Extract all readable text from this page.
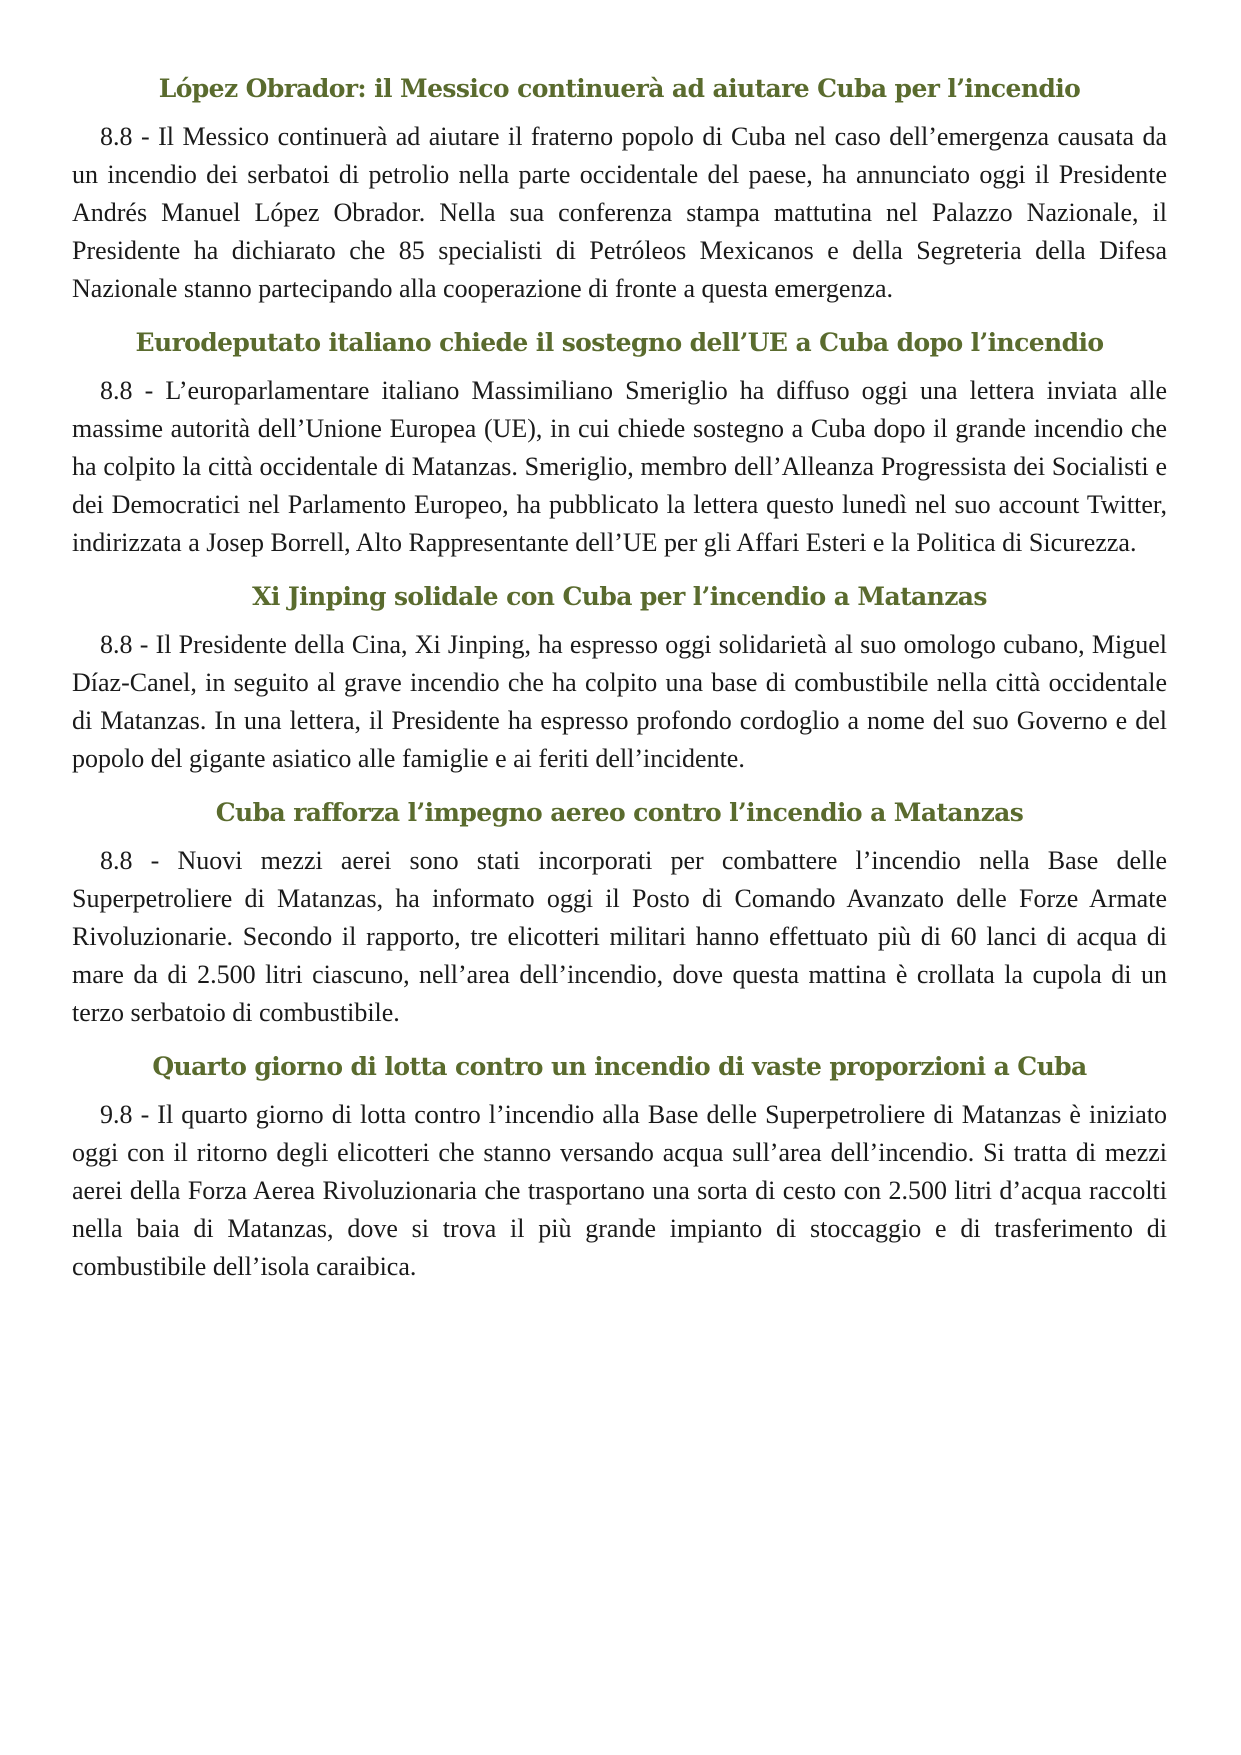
López Obrador: il Messico continuerà ad aiutare Cuba per l’incendio

8.8 - Il Messico continuerà ad aiutare il fraterno popolo di Cuba nel caso dell’emergenza causata da un incendio dei serbatoi di petrolio nella parte occidentale del paese, ha annunciato oggi il Presidente Andrés Manuel López Obrador. Nella sua conferenza stampa mattutina nel Palazzo Nazionale, il Presidente ha dichiarato che 85 specialisti di Petróleos Mexicanos e della Segreteria della Difesa Nazionale stanno partecipando alla cooperazione di fronte a questa emergenza.

Eurodeputato italiano chiede il sostegno dell’UE a Cuba dopo l’incendio

8.8 - L’europarlamentare italiano Massimiliano Smeriglio ha diffuso oggi una lettera inviata alle massime autorità dell’Unione Europea (UE), in cui chiede sostegno a Cuba dopo il grande incendio che ha colpito la città occidentale di Matanzas. Smeriglio, membro dell’Alleanza Progressista dei Socialisti e dei Democratici nel Parlamento Europeo, ha pubblicato la lettera questo lunedì nel suo account Twitter, indirizzata a Josep Borrell, Alto Rappresentante dell’UE per gli Affari Esteri e la Politica di Sicurezza.

Xi Jinping solidale con Cuba per l’incendio a Matanzas

8.8 - Il Presidente della Cina, Xi Jinping, ha espresso oggi solidarietà al suo omologo cubano, Miguel Díaz-Canel, in seguito al grave incendio che ha colpito una base di combustibile nella città occidentale di Matanzas. In una lettera, il Presidente ha espresso profondo cordoglio a nome del suo Governo e del popolo del gigante asiatico alle famiglie e ai feriti dell’incidente.

Cuba rafforza l’impegno aereo contro l’incendio a Matanzas

8.8 - Nuovi mezzi aerei sono stati incorporati per combattere l’incendio nella Base delle Superpetroliere di Matanzas, ha informato oggi il Posto di Comando Avanzato delle Forze Armate Rivoluzionarie. Secondo il rapporto, tre elicotteri militari hanno effettuato più di 60 lanci di acqua di mare da di 2.500 litri ciascuno, nell’area dell’incendio, dove questa mattina è crollata la cupola di un terzo serbatoio di combustibile.

Quarto giorno di lotta contro un incendio di vaste proporzioni a Cuba

9.8 - Il quarto giorno di lotta contro l’incendio alla Base delle Superpetroliere di Matanzas è iniziato oggi con il ritorno degli elicotteri che stanno versando acqua sull’area dell’incendio. Si tratta di mezzi aerei della Forza Aerea Rivoluzionaria che trasportano una sorta di cesto con 2.500 litri d’acqua raccolti nella baia di Matanzas, dove si trova il più grande impianto di stoccaggio e di trasferimento di combustibile dell’isola caraibica.
